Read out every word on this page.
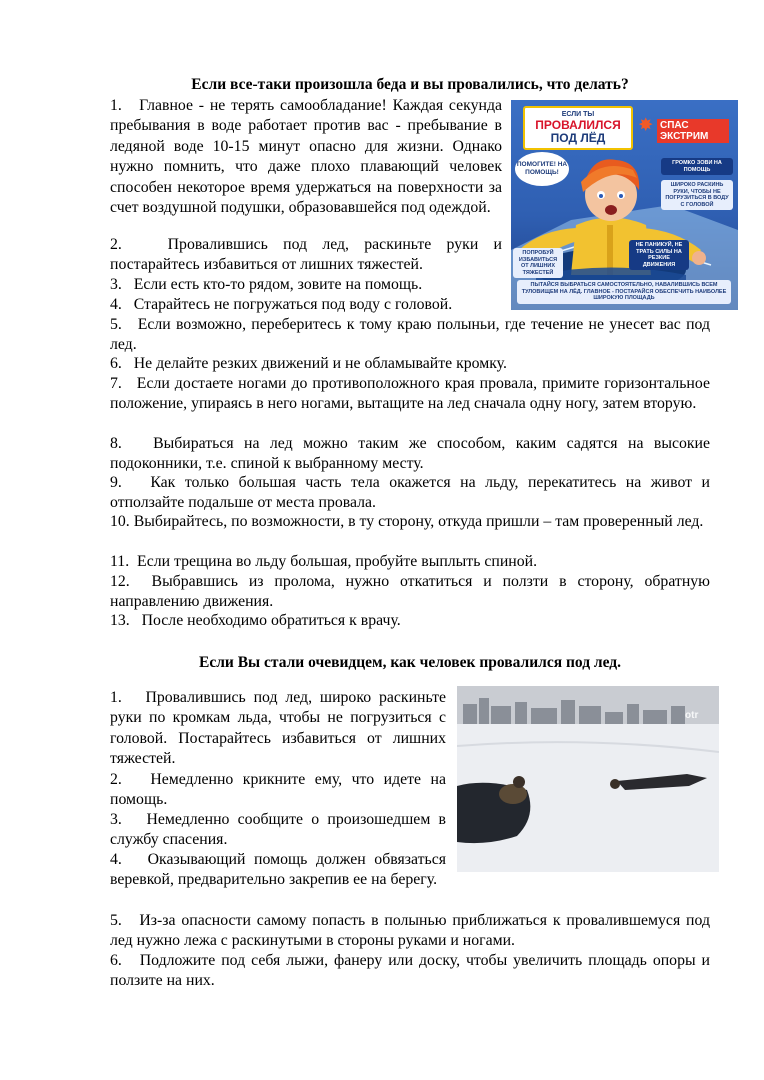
Если все-таки произошла беда и вы провалились, что делать?
1.   Главное - не терять самообладание! Каждая секунда пребывания в воде работает против вас - пребывание в ледяной воде 10-15 минут опасно для жизни. Однако нужно помнить, что даже плохо плавающий человек способен некоторое время удержаться на поверхности за счет воздушной подушки, образовавшейся под одеждой.
2.   Провалившись под лед, раскиньте руки и постарайтесь избавиться от лишних тяжестей.
3.   Если есть кто-то рядом, зовите на помощь.
4.   Старайтесь не погружаться под воду с головой.
5.   Если возможно, переберитесь к тому краю полыньи, где течение не унесет вас под лед.
6.   Не делайте резких движений и не обламывайте кромку.
7.   Если достаете ногами до противоположного края провала, примите горизонтальное положение, упираясь в него ногами, вытащите на лед сначала одну ногу, затем вторую.
8.   Выбираться на лед можно таким же способом, каким садятся на высокие подоконники, т.е. спиной к выбранному месту.
9.   Как только большая часть тела окажется на льду, перекатитесь на живот и отползайте подальше от места провала.
10. Выбирайтесь, по возможности, в ту сторону, откуда пришли – там проверенный лед.
11.  Если трещина во льду большая, пробуйте выплыть спиной.
12.  Выбравшись из пролома, нужно откатиться и ползти в сторону, обратную направлению движения.
13.   После необходимо обратиться к врачу.
ЕСЛИ ТЫ
ПРОВАЛИЛСЯ
ПОД ЛЁД
✸ СПАС ЭКСТРИМ
ПОМОГИТЕ! НА ПОМОЩЬ!
ГРОМКО ЗОВИ НА ПОМОЩЬ
ШИРОКО РАСКИНЬ РУКИ, ЧТОБЫ НЕ ПОГРУЗИТЬСЯ В ВОДУ С ГОЛОВОЙ
ПОПРОБУЙ ИЗБАВИТЬСЯ ОТ ЛИШНИХ ТЯЖЕСТЕЙ
НЕ ПАНИКУЙ, НЕ ТРАТЬ СИЛЫ НА РЕЗКИЕ ДВИЖЕНИЯ
ПЫТАЙСЯ ВЫБРАТЬСЯ САМОСТОЯТЕЛЬНО, НАВАЛИВШИСЬ ВСЕМ ТУЛОВИЩЕМ НА ЛЁД. ГЛАВНОЕ - ПОСТАРАЙСЯ ОБЕСПЕЧИТЬ НАИБОЛЕЕ ШИРОКУЮ ПЛОЩАДЬ
Если Вы стали очевидцем, как человек провалился под лед.
1.   Провалившись под лед, широко раскиньте руки по кромкам льда, чтобы не погрузиться с головой. Постарайтесь избавиться от лишних тяжестей.
2.   Немедленно крикните ему, что идете на помощь.
3.   Немедленно сообщите о произошедшем в службу спасения.
4.   Оказывающий помощь должен обвязаться веревкой, предварительно закрепив ее на берегу.
5.   Из-за опасности самому попасть в полынью приближаться к провалившемуся под лед нужно лежа с раскинутыми в стороны руками и ногами.
6.   Подложите под себя лыжи, фанеру или доску, чтобы увеличить площадь опоры и ползите на них.
otr
